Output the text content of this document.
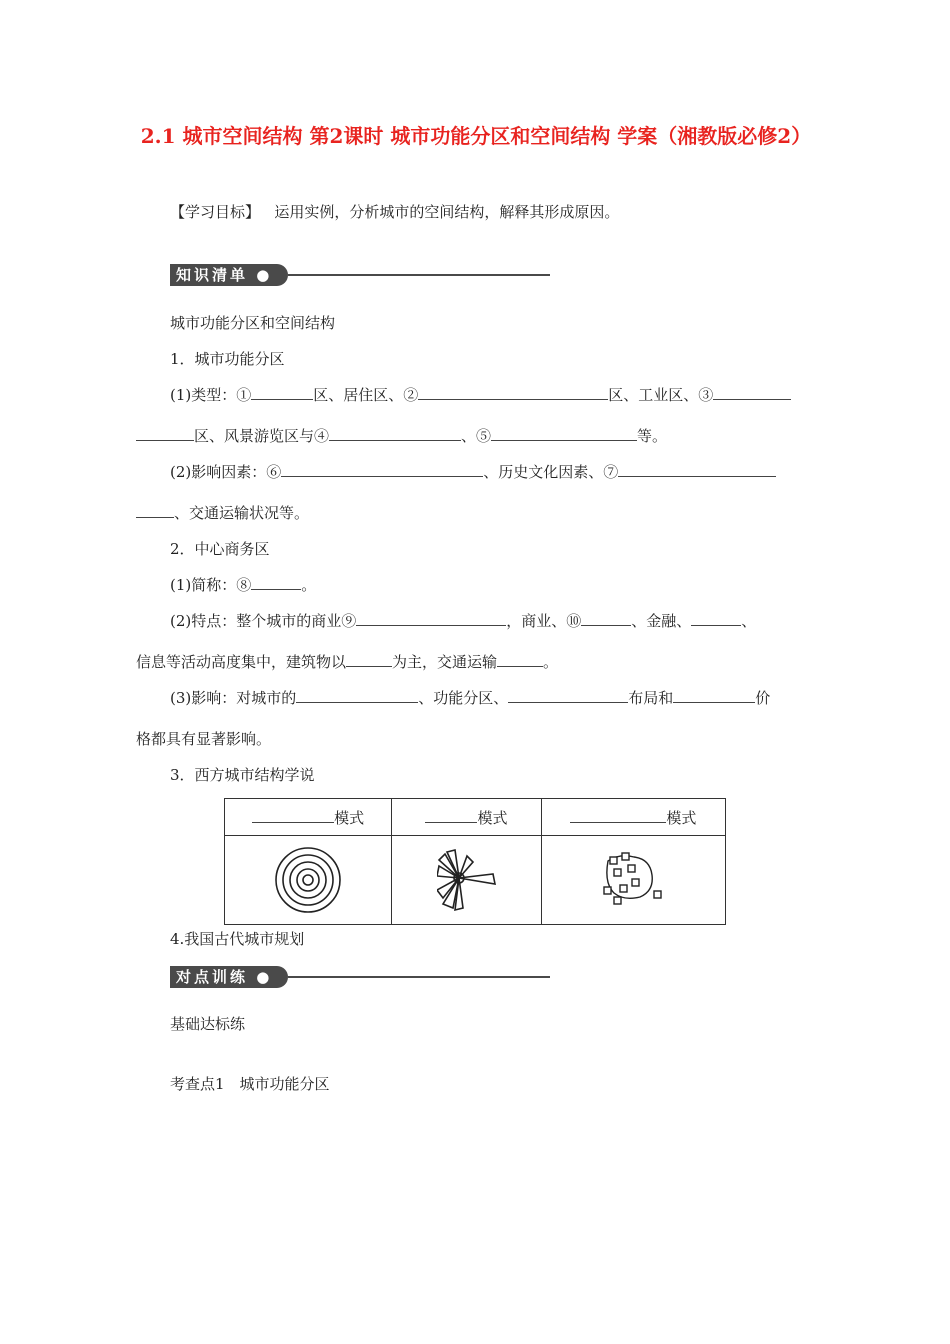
2.1 城市空间结构 第2课时 城市功能分区和空间结构 学案（湘教版必修2）
【学习目标】 运用实例，分析城市的空间结构，解释其形成原因。
知识清单 ●
城市功能分区和空间结构
1．城市功能分区
(1)类型：①	区、居住区、②	区、工业区、③
区、风景游览区与④	、⑤	等。
(2)影响因素：⑥	、历史文化因素、⑦
、交通运输状况等。
2．中心商务区
(1)简称：⑧	。
(2)特点：整个城市的商业⑨	，商业、⑩	、金融、	、
信息等活动高度集中，建筑物以	为主，交通运输	。
(3)影响：对城市的	、功能分区、	布局和	价
格都具有显著影响。
3．西方城市结构学说
模式	模式	模式

4.我国古代城市规划
对点训练 ●
基础达标练
考查点1　城市功能分区
